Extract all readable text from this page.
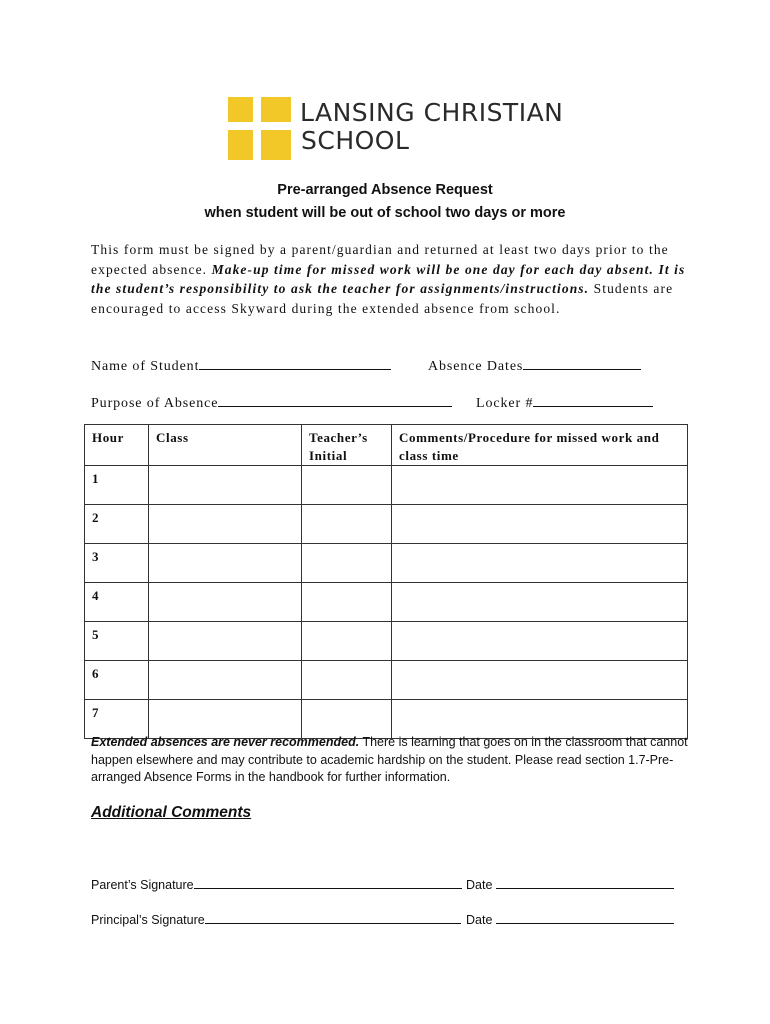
LANSING CHRISTIAN
SCHOOL
Pre-arranged Absence Request
when student will be out of school two days or more
This form must be signed by a parent/guardian and returned at least two days prior to the expected absence. Make-up time for missed work will be one day for each day absent. It is the student’s responsibility to ask the teacher for assignments/instructions. Students are encouraged to access Skyward during the extended absence from school.
Name of Student	Absence Dates
Purpose of Absence	Locker #
Hour	Class	Teacher’s Initial	Comments/Procedure for missed work and class time
1			
2			
3			
4			
5			
6			
7			
Extended absences are never recommended. There is learning that goes on in the classroom that cannot happen elsewhere and may contribute to academic hardship on the student. Please read section 1.7-Pre-arranged Absence Forms in the handbook for further information.
Additional Comments
Parent’s Signature	Date
Principal’s Signature	Date
